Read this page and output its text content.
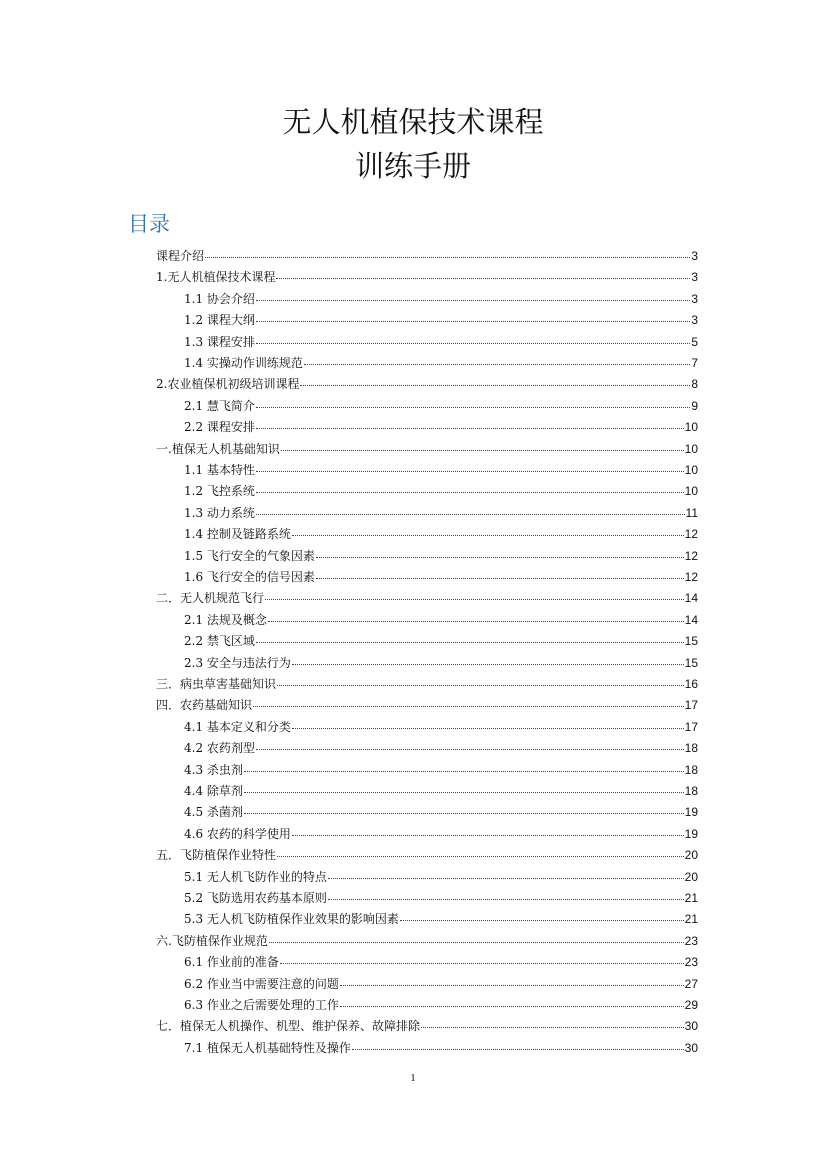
无人机植保技术课程
训练手册
目录
课程介绍	3
1.无人机植保技术课程	3
1.1 协会介绍	3
1.2 课程大纲	3
1.3 课程安排	5
1.4 实操动作训练规范	7
2.农业植保机初级培训课程	8
2.1 慧飞简介	9
2.2 课程安排	10
一.植保无人机基础知识	10
1.1 基本特性	10
1.2 飞控系统	10
1.3 动力系统	11
1.4 控制及链路系统	12
1.5 飞行安全的气象因素	12
1.6 飞行安全的信号因素	12
二．无人机规范飞行	14
2.1 法规及概念	14
2.2 禁飞区域	15
2.3 安全与违法行为	15
三．病虫草害基础知识	16
四．农药基础知识	17
4.1 基本定义和分类	17
4.2 农药剂型	18
4.3 杀虫剂	18
4.4 除草剂	18
4.5 杀菌剂	19
4.6 农药的科学使用	19
五．飞防植保作业特性	20
5.1 无人机飞防作业的特点	20
5.2 飞防选用农药基本原则	21
5.3 无人机飞防植保作业效果的影响因素	21
六.飞防植保作业规范	23
6.1 作业前的准备	23
6.2 作业当中需要注意的问题	27
6.3 作业之后需要处理的工作	29
七．植保无人机操作、机型、维护保养、故障排除	30
7.1 植保无人机基础特性及操作	30
1
